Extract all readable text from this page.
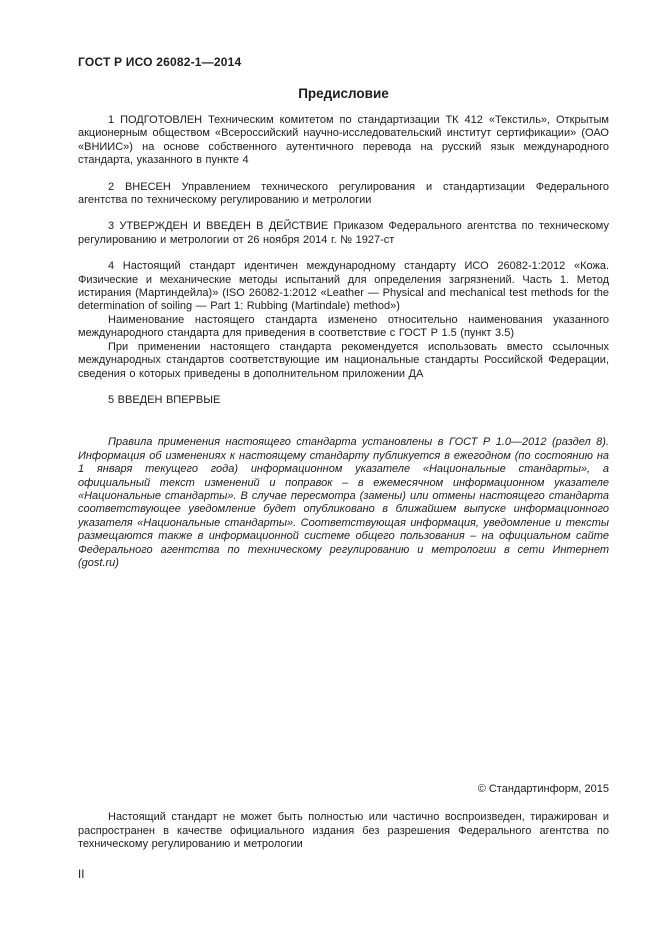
ГОСТ Р ИСО 26082-1—2014
Предисловие

1 ПОДГОТОВЛЕН Техническим комитетом по стандартизации ТК 412 «Текстиль», Открытым акционерным обществом «Всероссийский научно-исследовательский институт сертификации» (ОАО «ВНИИС») на основе собственного аутентичного перевода на русский язык международного стандарта, указанного в пункте 4

2 ВНЕСЕН Управлением технического регулирования и стандартизации Федерального агентства по техническому регулированию и метрологии

3 УТВЕРЖДЕН И ВВЕДЕН В ДЕЙСТВИЕ Приказом Федерального агентства по техническому регулированию и метрологии от 26 ноября 2014 г. № 1927-ст

4 Настоящий стандарт идентичен международному стандарту ИСО 26082-1:2012 «Кожа. Физические и механические методы испытаний для определения загрязнений. Часть 1. Метод истирания (Мартиндейла)» (ISO 26082-1:2012 «Leather — Physical and mechanical test methods for the determination of soiling — Part 1: Rubbing (Martindale) method»)

Наименование настоящего стандарта изменено относительно наименования указанного международного стандарта для приведения в соответствие с ГОСТ Р 1.5 (пункт 3.5)

При применении настоящего стандарта рекомендуется использовать вместо ссылочных международных стандартов соответствующие им национальные стандарты Российской Федерации, сведения о которых приведены в дополнительном приложении ДА

5 ВВЕДЕН ВПЕРВЫЕ

Правила применения настоящего стандарта установлены в ГОСТ Р 1.0—2012 (раздел 8). Информация об изменениях к настоящему стандарту публикуется в ежегодном (по состоянию на 1 января текущего года) информационном указателе «Национальные стандарты», а официальный текст изменений и поправок – в ежемесячном информационном указателе «Национальные стандарты». В случае пересмотра (замены) или отмены настоящего стандарта соответствующее уведомление будет опубликовано в ближайшем выпуске информационного указателя «Национальные стандарты». Соответствующая информация, уведомление и тексты размещаются также в информационной системе общего пользования – на официальном сайте Федерального агентства по техническому регулированию и метрологии в сети Интернет (gost.ru)

© Стандартинформ, 2015

Настоящий стандарт не может быть полностью или частично воспроизведен, тиражирован и распространен в качестве официального издания без разрешения Федерального агентства по техническому регулированию и метрологии

II
